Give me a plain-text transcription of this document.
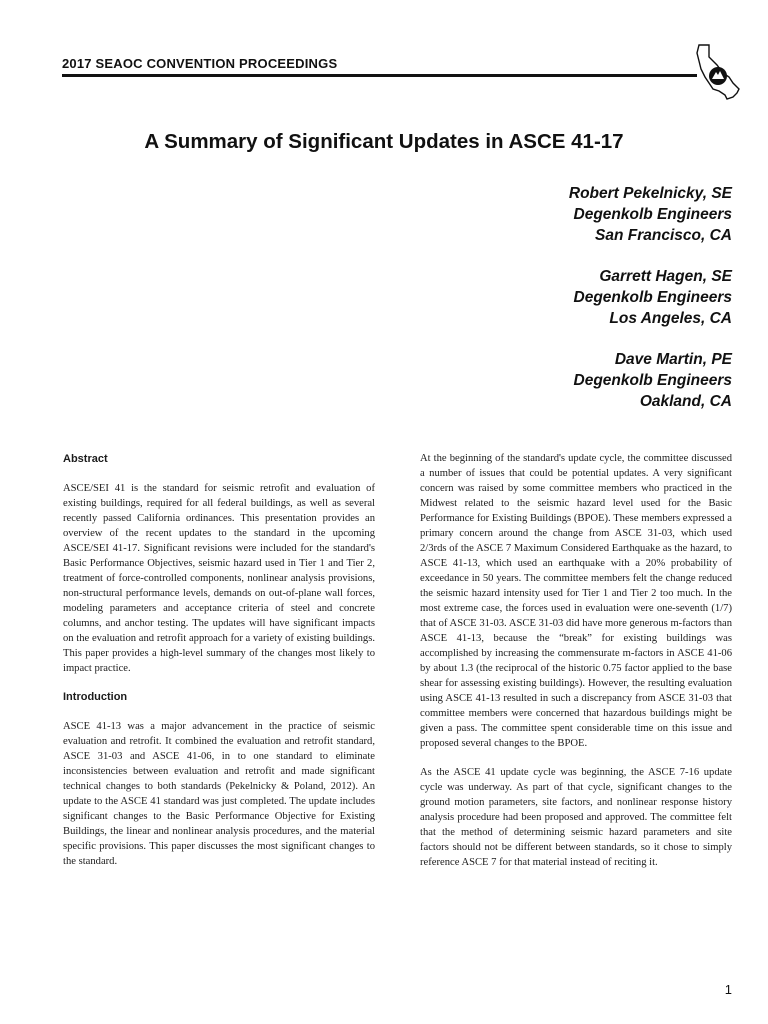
2017 SEAOC CONVENTION PROCEEDINGS
A Summary of Significant Updates in ASCE 41-17
Robert Pekelnicky, SE
Degenkolb Engineers
San Francisco, CA
Garrett Hagen, SE
Degenkolb Engineers
Los Angeles, CA
Dave Martin, PE
Degenkolb Engineers
Oakland, CA
Abstract

ASCE/SEI 41 is the standard for seismic retrofit and evaluation of existing buildings, required for all federal buildings, as well as several recently passed California ordinances. This presentation provides an overview of the recent updates to the standard in the upcoming ASCE/SEI 41-17. Significant revisions were included for the standard's Basic Performance Objectives, seismic hazard used in Tier 1 and Tier 2, treatment of force-controlled components, nonlinear analysis provisions, non-structural performance levels, demands on out-of-plane wall forces, modeling parameters and acceptance criteria of steel and concrete columns, and anchor testing. The updates will have significant impacts on the evaluation and retrofit approach for a variety of existing buildings. This paper provides a high-level summary of the changes most likely to impact practice.

Introduction

ASCE 41-13 was a major advancement in the practice of seismic evaluation and retrofit. It combined the evaluation and retrofit standard, ASCE 31-03 and ASCE 41-06, in to one standard to eliminate inconsistencies between evaluation and retrofit and made significant technical changes to both standards (Pekelnicky & Poland, 2012). An update to the ASCE 41 standard was just completed. The update includes significant changes to the Basic Performance Objective for Existing Buildings, the linear and nonlinear analysis procedures, and the material specific provisions. This paper discusses the most significant changes to the standard.

At the beginning of the standard's update cycle, the committee discussed a number of issues that could be potential updates. A very significant concern was raised by some committee members who practiced in the Midwest related to the seismic hazard level used for the Basic Performance for Existing Buildings (BPOE). These members expressed a primary concern around the change from ASCE 31-03, which used 2/3rds of the ASCE 7 Maximum Considered Earthquake as the hazard, to ASCE 41-13, which used an earthquake with a 20% probability of exceedance in 50 years. The committee members felt the change reduced the seismic hazard intensity used for Tier 1 and Tier 2 too much. In the most extreme case, the forces used in evaluation were one-seventh (1/7) that of ASCE 31-03. ASCE 31-03 did have more generous m-factors than ASCE 41-13, because the “break” for existing buildings was accomplished by increasing the commensurate m-factors in ASCE 41-06 by about 1.3 (the reciprocal of the historic 0.75 factor applied to the base shear for assessing existing buildings). However, the resulting evaluation using ASCE 41-13 resulted in such a discrepancy from ASCE 31-03 that committee members were concerned that hazardous buildings might be given a pass. The committee spent considerable time on this issue and proposed several changes to the BPOE.

As the ASCE 41 update cycle was beginning, the ASCE 7-16 update cycle was underway. As part of that cycle, significant changes to the ground motion parameters, site factors, and nonlinear response history analysis procedure had been proposed and approved. The committee felt that the method of determining seismic hazard parameters and site factors should not be different between standards, so it chose to simply reference ASCE 7 for that material instead of reciting it.

1
